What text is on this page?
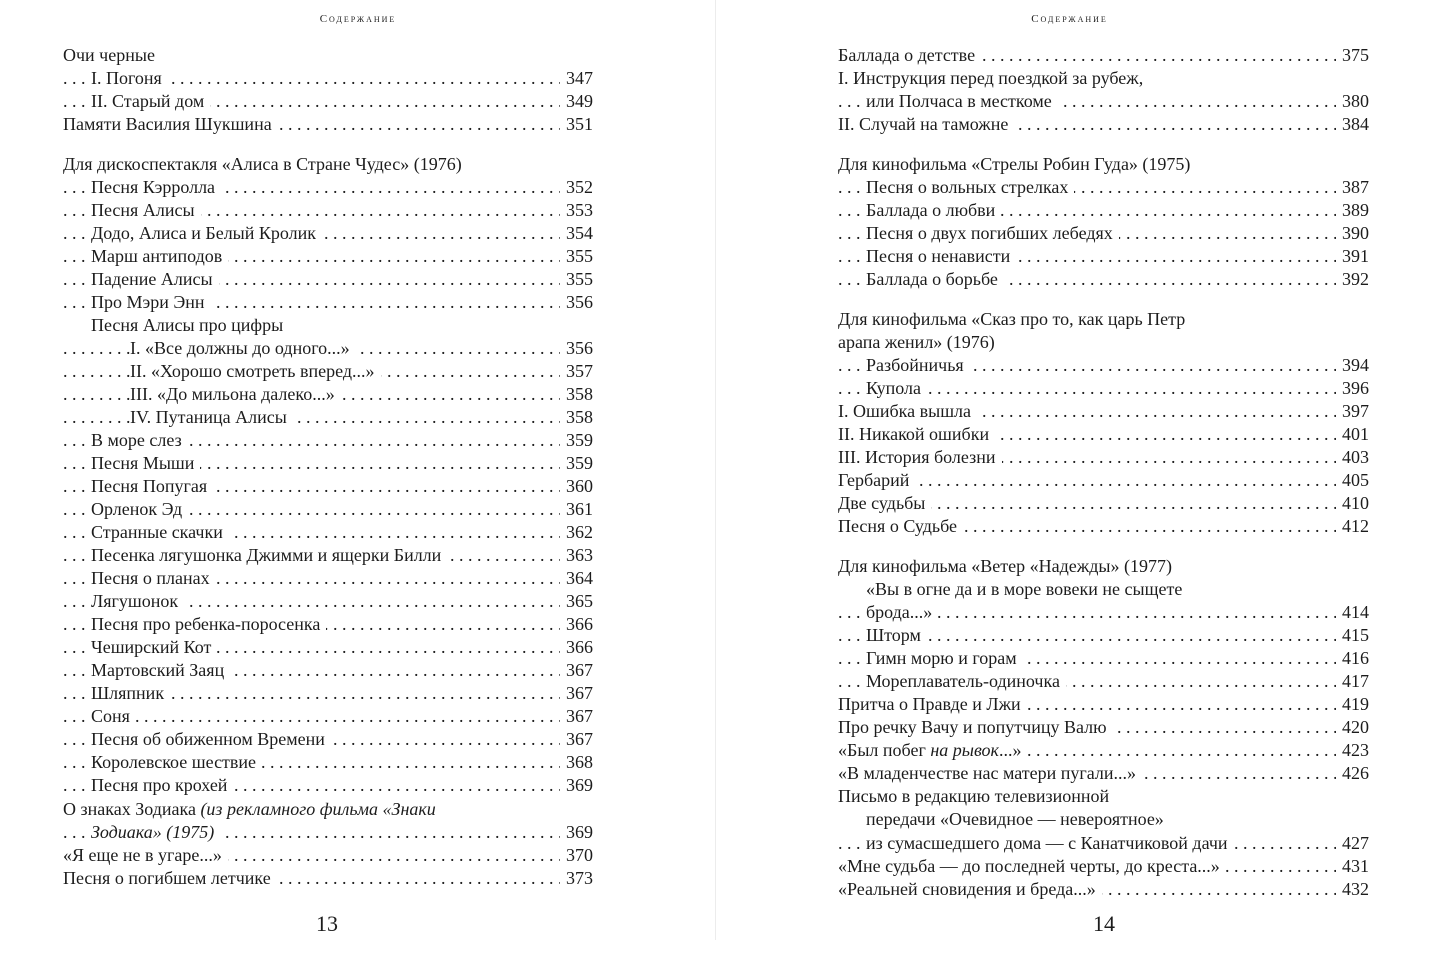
Содержание
Очи черные
. . . I. Погоня	347
. . . II. Старый дом	349
. . . Памяти Василия Шукшина	351
Для дискоспектакля «Алиса в Стране Чудес» (1976)
. . . Песня Кэрролла	352
. . . Песня Алисы	353
. . . Додо, Алиса и Белый Кролик	354
. . . Марш антиподов	355
. . . Падение Алисы	355
. . . Про Мэри Энн	356
Песня Алисы про цифры
. . . I. «Все должны до одного...»	356
. . . II. «Хорошо смотреть вперед...»	357
. . . III. «До мильона далеко...»	358
. . . IV. Путаница Алисы	358
. . . В море слез	359
. . . Песня Мыши	359
. . . Песня Попугая	360
. . . Орленок Эд	361
. . . Странные скачки	362
. . . Песенка лягушонка Джимми и ящерки Билли	363
. . . Песня о планах	364
. . . Лягушонок	365
. . . Песня про ребенка-поросенка	366
. . . Чеширский Кот	366
. . . Мартовский Заяц	367
. . . Шляпник	367
. . . Соня	367
. . . Песня об обиженном Времени	367
. . . Королевское шествие	368
. . . Песня про крохей	369
О знаках Зодиака (из рекламного фильма «Знаки
. . . Зодиака» (1975)	369
. . . «Я еще не в угаре...»	370
. . . Песня о погибшем летчике	373
13
Содержание
. . . Баллада о детстве	375
I. Инструкция перед поездкой за рубеж,
. . . или Полчаса в месткоме	380
. . . II. Случай на таможне	384
Для кинофильма «Стрелы Робин Гуда» (1975)
. . . Песня о вольных стрелках	387
. . . Баллада о любви	389
. . . Песня о двух погибших лебедях	390
. . . Песня о ненависти	391
. . . Баллада о борьбе	392
Для кинофильма «Сказ про то, как царь Петр
арапа женил» (1976)
. . . Разбойничья	394
. . . Купола	396
. . . I. Ошибка вышла	397
. . . II. Никакой ошибки	401
. . . III. История болезни	403
. . . Гербарий	405
. . . Две судьбы	410
. . . Песня о Судьбе	412
Для кинофильма «Ветер «Надежды» (1977)
«Вы в огне да и в море вовеки не сыщете
. . . брода...»	414
. . . Шторм	415
. . . Гимн морю и горам	416
. . . Мореплаватель-одиночка	417
. . . Притча о Правде и Лжи	419
. . . Про речку Вачу и попутчицу Валю	420
. . . «Был побег на рывок...»	423
. . . «В младенчестве нас матери пугали...»	426
Письмо в редакцию телевизионной
передачи «Очевидное — невероятное»
. . . из сумасшедшего дома — с Канатчиковой дачи	427
. . . «Мне судьба — до последней черты, до креста...»	431
. . . «Реальней сновидения и бреда...»	432
14
